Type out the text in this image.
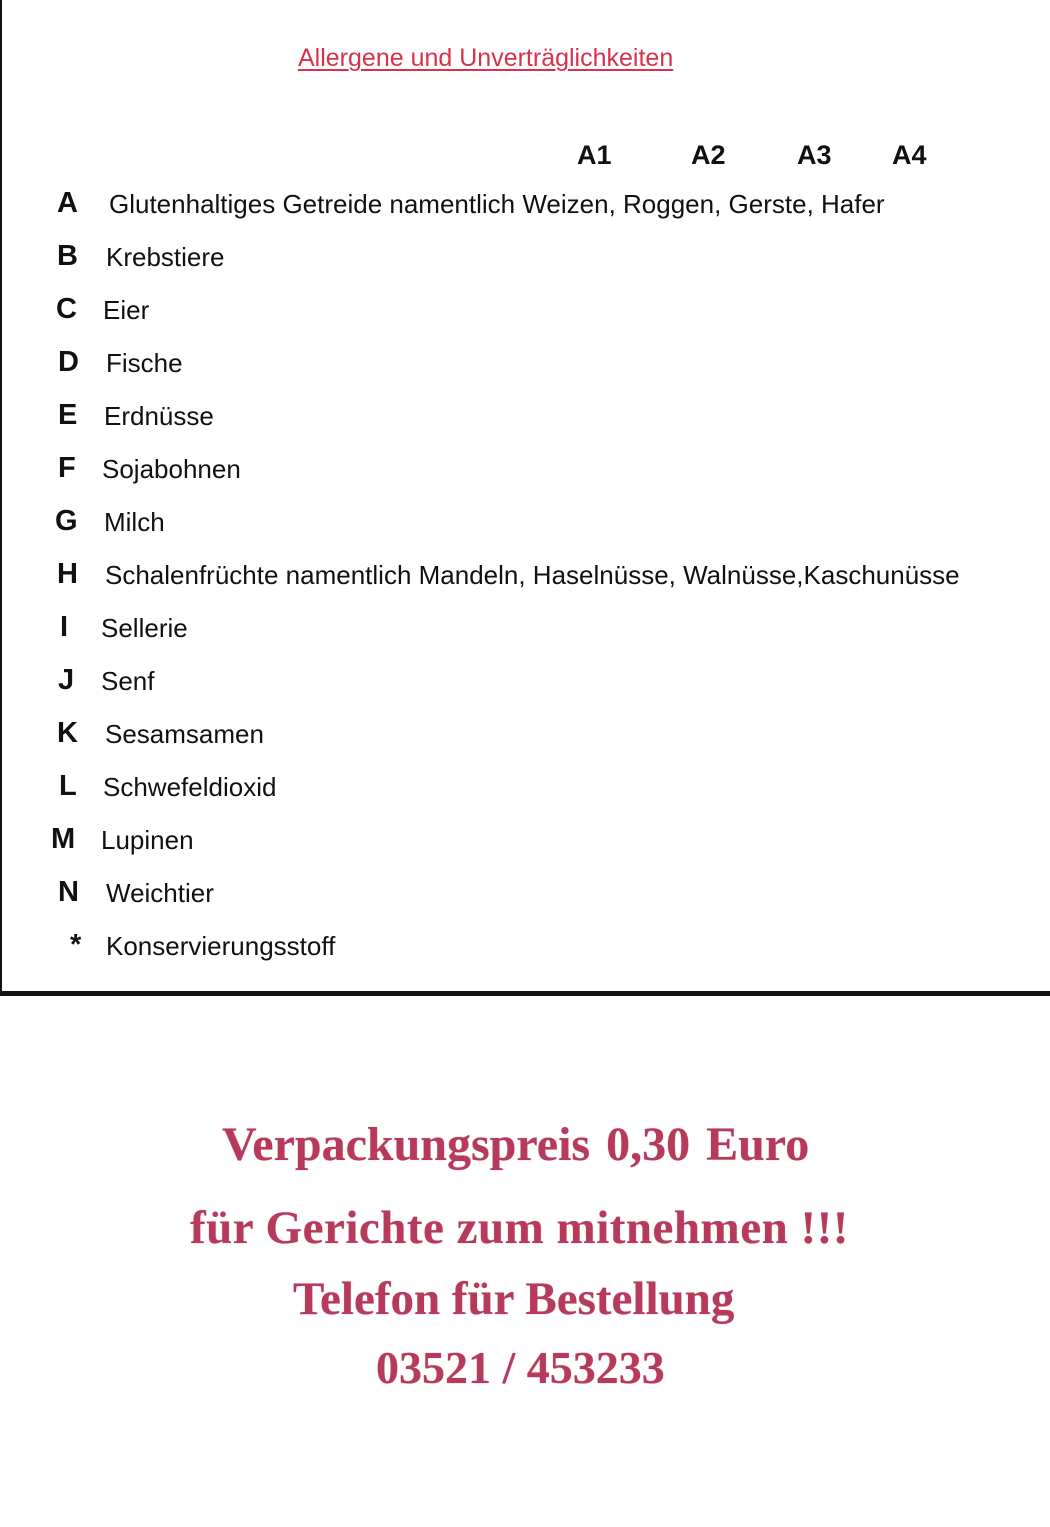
Allergene und Unverträglichkeiten
A1	A2	A3 A4
A Glutenhaltiges Getreide namentlich Weizen, Roggen, Gerste, Hafer
B Krebstiere
C Eier
D Fische
E Erdnüsse
F Sojabohnen
G Milch
H Schalenfrüchte namentlich Mandeln, Haselnüsse, Walnüsse,Kaschunüsse
I Sellerie
J Senf
K Sesamsamen
L Schwefeldioxid
M Lupinen
N Weichtier
* Konservierungsstoff
Verpackungspreis 0,30 Euro
für Gerichte zum mitnehmen !!!
Telefon für Bestellung
03521 / 453233
